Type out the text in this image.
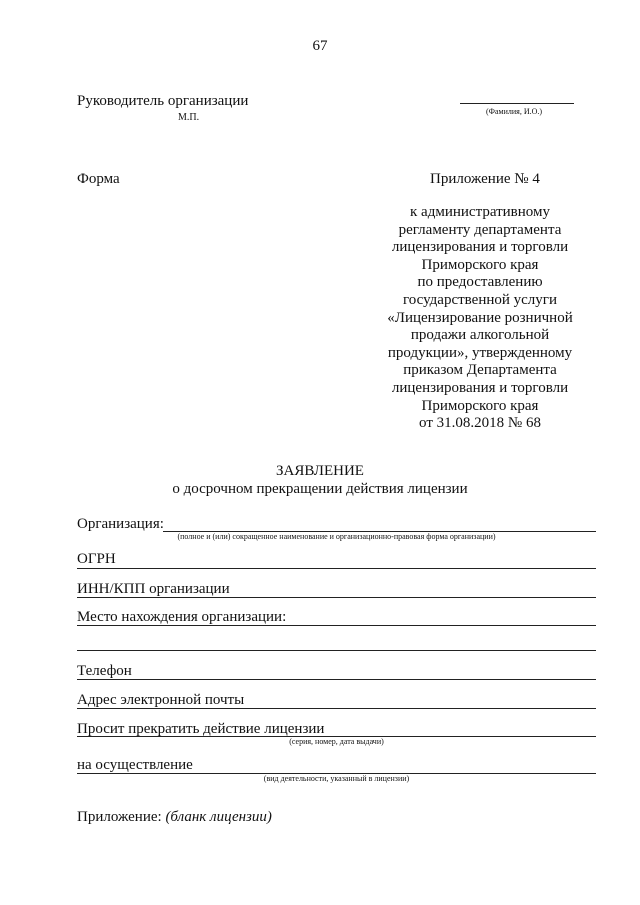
67
Руководитель организации
М.П.
(Фамилия, И.О.)
Форма	Приложение № 4
к административному
регламенту департамента
лицензирования и торговли
Приморского края
по предоставлению
государственной услуги
«Лицензирование розничной
продажи алкогольной
продукции», утвержденному
приказом Департамента
лицензирования и торговли
Приморского края
от 31.08.2018 № 68
ЗАЯВЛЕНИЕ
о досрочном прекращении действия лицензии
Организация:
(полное и (или) сокращенное наименование и организационно-правовая форма организации)
ОГРН
ИНН/КПП организации
Место нахождения организации:
Телефон
Адрес электронной почты
Просит прекратить действие лицензии
(серия, номер, дата выдачи)
на осуществление
(вид деятельности, указанный в лицензии)
Приложение: (бланк лицензии)
